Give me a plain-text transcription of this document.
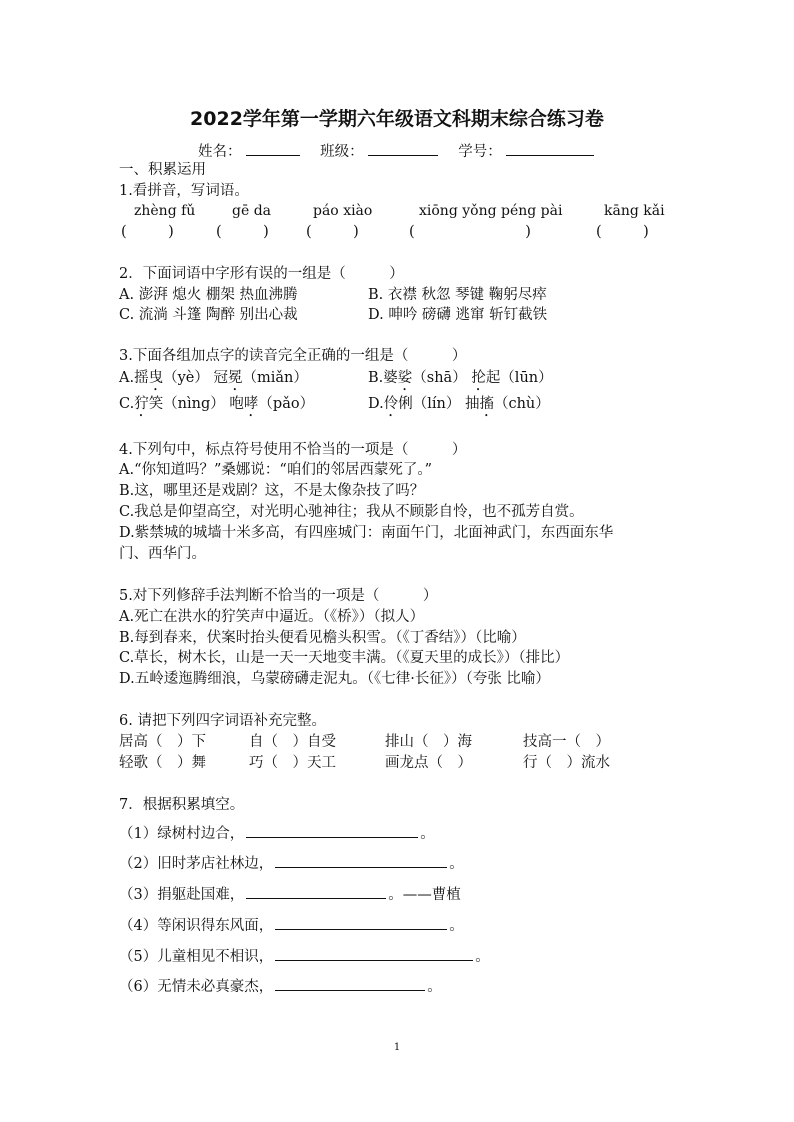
2022学年第一学期六年级语文科期末综合练习卷
姓名：	班级：	学号：
一、积累运用
1.看拼音，写词语。
zhèng fǔ	gē da	páo xiào	xiōng yǒng péng pài	kāng kǎi
(         )	(         )	(         )	(                        )	(         )
2．下面词语中字形有误的一组是（　　　）
A. 澎湃 熄火 棚架 热血沸腾	B. 衣襟 秋忽 琴键 鞠躬尽瘁
C. 流淌 斗篷 陶醉 别出心裁	D. 呻吟 磅礴 逃窜 斩钉截铁
3.下面各组加点字的读音完全正确的一组是（　　　）
A.摇曳（yè） 冠冕（miǎn）	B.婆娑（shā） 抡起（lūn）
C.狞笑（nìng） 咆哮（pǎo）	D.伶俐（lín） 抽搐（chù）
4.下列句中，标点符号使用不恰当的一项是（　　　）
A.“你知道吗？”桑娜说：“咱们的邻居西蒙死了。”
B.这，哪里还是戏剧？这，不是太像杂技了吗？
C.我总是仰望高空，对光明心驰神往；我从不顾影自怜，也不孤芳自赏。
D.紫禁城的城墙十米多高，有四座城门：南面午门，北面神武门，东西面东华
门、西华门。
5.对下列修辞手法判断不恰当的一项是（　　　）
A.死亡在洪水的狞笑声中逼近。（《桥》）（拟人）
B.每到春来，伏案时抬头便看见檐头积雪。（《丁香结》）（比喻）
C.草长，树木长，山是一天一天地变丰满。（《夏天里的成长》）（排比）
D.五岭逶迤腾细浪，乌蒙磅礴走泥丸。（《七律·长征》）（夸张 比喻）
6. 请把下列四字词语补充完整。
居高（　）下	自（　）自受	排山（　）海	技高一（　）
轻歌（　）舞	巧（　）天工	画龙点（　）	行（　）流水
7．根据积累填空。
（1）绿树村边合，	。
（2）旧时茅店社林边，	。
（3）捐躯赴国难，	。——曹植
（4）等闲识得东风面，	。
（5）儿童相见不相识，	。
（6）无情未必真豪杰，	。
1
